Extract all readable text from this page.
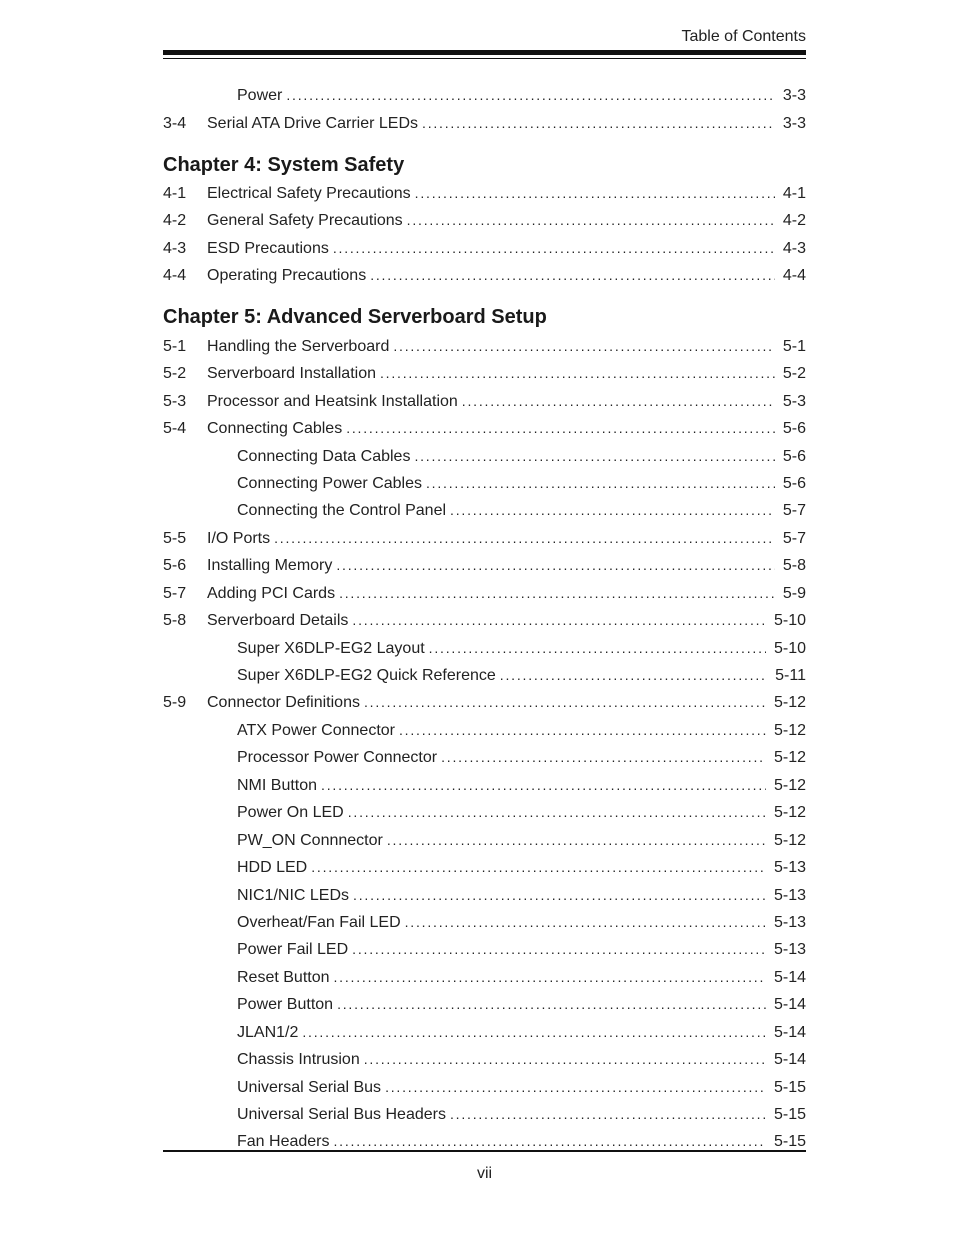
Table of Contents
Power . . .	3-3
3-4	Serial ATA Drive Carrier LEDs . . .	3-3
Chapter 4: System Safety
4-1	Electrical Safety Precautions . . .	4-1
4-2	General Safety Precautions . . .	4-2
4-3	ESD Precautions . . .	4-3
4-4	Operating Precautions . . .	4-4
Chapter 5: Advanced Serverboard Setup
5-1	Handling the Serverboard . . .	5-1
5-2	Serverboard Installation . . .	5-2
5-3	Processor and Heatsink Installation . . .	5-3
5-4	Connecting Cables . . .	5-6
Connecting Data Cables . . .	5-6
Connecting Power Cables . . .	5-6
Connecting the Control Panel . . .	5-7
5-5	I/O Ports . . .	5-7
5-6	Installing Memory . . .	5-8
5-7	Adding PCI Cards . . .	5-9
5-8	Serverboard Details . . .	5-10
Super X6DLP-EG2 Layout . . .	5-10
Super X6DLP-EG2 Quick Reference . . .	5-11
5-9	Connector Definitions . . .	5-12
ATX Power Connector . . .	5-12
Processor Power Connector . . .	5-12
NMI Button . . .	5-12
Power On LED . . .	5-12
PW_ON Connnector . . .	5-12
HDD LED . . .	5-13
NIC1/NIC LEDs . . .	5-13
Overheat/Fan Fail LED . . .	5-13
Power Fail LED . . .	5-13
Reset Button . . .	5-14
Power Button . . .	5-14
JLAN1/2 . . .	5-14
Chassis Intrusion . . .	5-14
Universal Serial Bus . . .	5-15
Universal Serial Bus Headers . . .	5-15
Fan Headers . . .	5-15
vii
